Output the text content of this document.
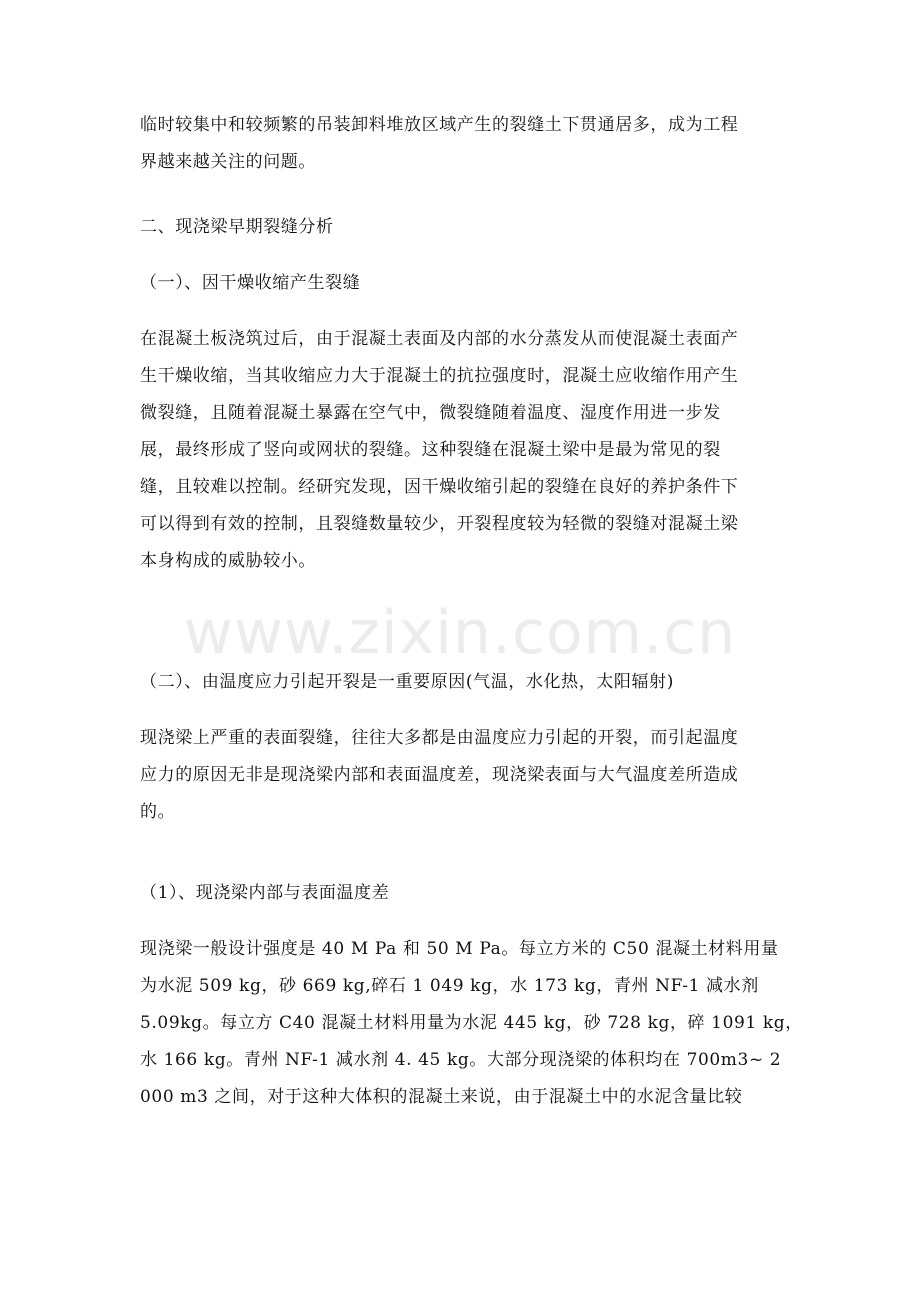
www.zixin.com.cn
临时较集中和较频繁的吊装卸料堆放区域产生的裂缝土下贯通居多，成为工程
界越来越关注的问题。
二、现浇梁早期裂缝分析
（一）、因干燥收缩产生裂缝
在混凝土板浇筑过后，由于混凝土表面及内部的水分蒸发从而使混凝土表面产
生干燥收缩，当其收缩应力大于混凝土的抗拉强度时，混凝土应收缩作用产生
微裂缝，且随着混凝土暴露在空气中，微裂缝随着温度、湿度作用进一步发
展，最终形成了竖向或网状的裂缝。这种裂缝在混凝土梁中是最为常见的裂
缝，且较难以控制。经研究发现，因干燥收缩引起的裂缝在良好的养护条件下
可以得到有效的控制，且裂缝数量较少，开裂程度较为轻微的裂缝对混凝土梁
本身构成的威胁较小。
（二）、由温度应力引起开裂是一重要原因(气温，水化热，太阳辐射)
现浇梁上严重的表面裂缝，往往大多都是由温度应力引起的开裂，而引起温度
应力的原因无非是现浇梁内部和表面温度差，现浇梁表面与大气温度差所造成
的。
（1）、现浇梁内部与表面温度差
现浇梁一般设计强度是 40 M Pa 和 50 M Pa。每立方米的 C50 混凝土材料用量
为水泥 509 kg，砂 669 kg,碎石 1 049 kg，水 173 kg，青州 NF-1 减水剂
5.09kg。每立方 C40 混凝土材料用量为水泥 445 kg，砂 728 kg，碎 1091 kg，
水 166 kg。青州 NF-1 减水剂 4. 45 kg。大部分现浇梁的体积均在 700m3~ 2
000 m3 之间，对于这种大体积的混凝土来说，由于混凝土中的水泥含量比较
